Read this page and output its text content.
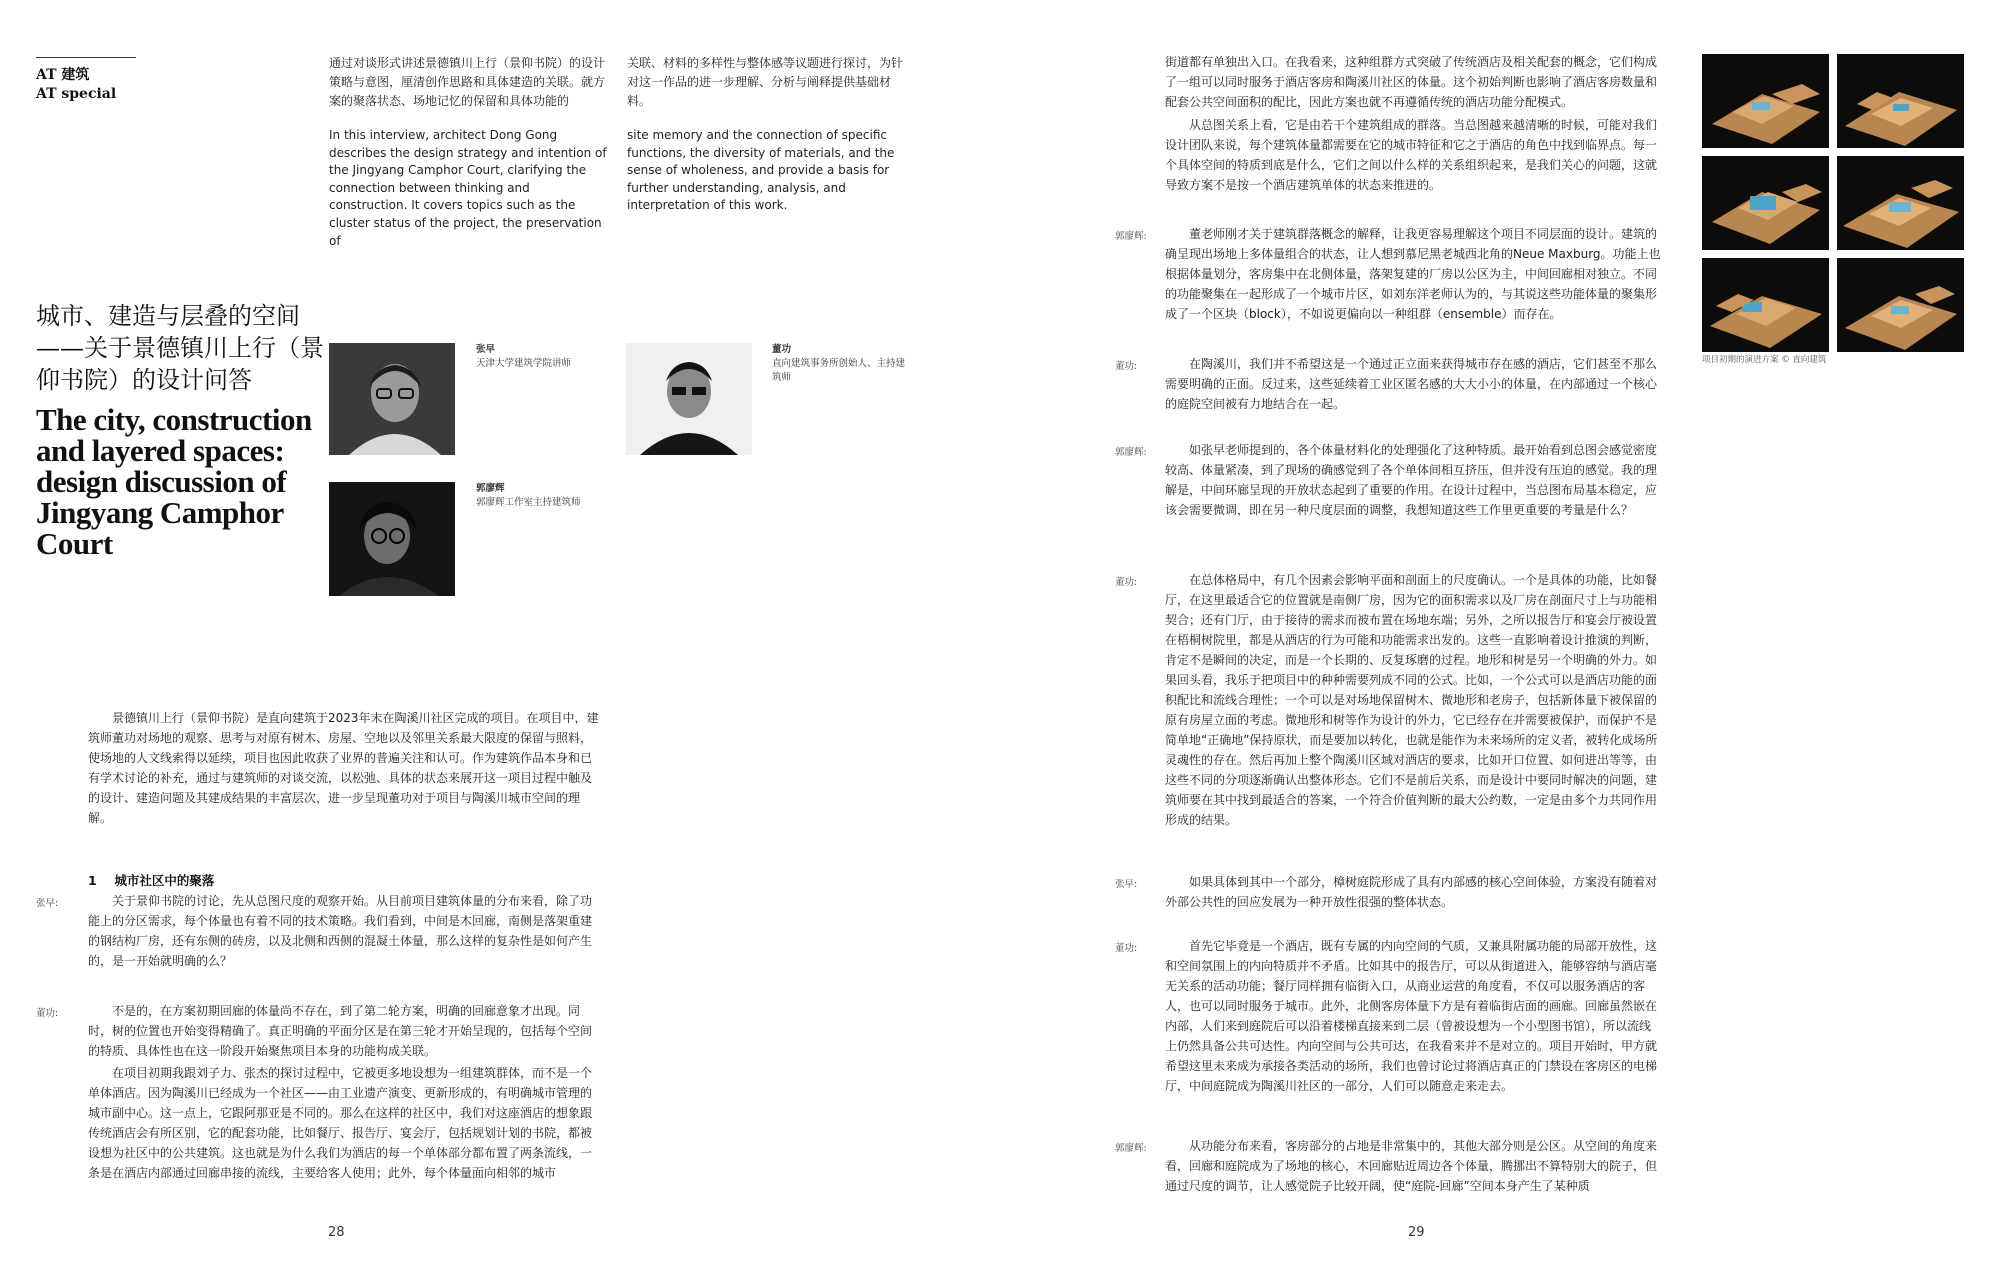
AT 建筑
AT special

通过对谈形式讲述景德镇川上行（景仰书院）的设计策略与意图，厘清创作思路和具体建造的关联。就方案的聚落状态、场地记忆的保留和具体功能的

In this interview, architect Dong Gong describes the design strategy and intention of the Jingyang Camphor Court, clarifying the connection between thinking and construction. It covers topics such as the cluster status of the project, the preservation of

关联、材料的多样性与整体感等议题进行探讨，为针对这一作品的进一步理解、分析与阐释提供基础材料。

site memory and the connection of specific functions, the diversity of materials, and the sense of wholeness, and provide a basis for further understanding, analysis, and interpretation of this work.

城市、建造与层叠的空间——关于景德镇川上行（景仰书院）的设计问答
The city, construction and layered spaces: design discussion of Jingyang Camphor Court
张早
天津大学建筑学院讲师
董功
直向建筑事务所创始人、主持建筑师
郭廖辉
郭廖辉工作室主持建筑师

景德镇川上行（景仰书院）是直向建筑于2023年末在陶溪川社区完成的项目。在项目中，建筑师董功对场地的观察、思考与对原有树木、房屋、空地以及邻里关系最大限度的保留与照料，使场地的人文线索得以延续，项目也因此收获了业界的普遍关注和认可。作为建筑作品本身和已有学术讨论的补充，通过与建筑师的对谈交流，以松弛、具体的状态来展开这一项目过程中触及的设计、建造问题及其建成结果的丰富层次，进一步呈现董功对于项目与陶溪川城市空间的理解。

1 城市社区中的聚落
张早:	关于景仰书院的讨论，先从总图尺度的观察开始。从目前项目建筑体量的分布来看，除了功能上的分区需求，每个体量也有着不同的技术策略。我们看到，中间是木回廊，南侧是落架重建的钢结构厂房，还有东侧的砖房，以及北侧和西侧的混凝土体量，那么这样的复杂性是如何产生的，是一开始就明确的么？

董功:	不是的，在方案初期回廊的体量尚不存在，到了第二轮方案，明确的回廊意象才出现。同时，树的位置也开始变得精确了。真正明确的平面分区是在第三轮才开始呈现的，包括每个空间的特质、具体性也在这一阶段开始聚焦项目本身的功能构成关联。

在项目初期我跟刘子力、张杰的探讨过程中，它被更多地设想为一组建筑群体，而不是一个单体酒店。因为陶溪川已经成为一个社区——由工业遗产演变、更新形成的，有明确城市管理的城市副中心。这一点上，它跟阿那亚是不同的。那么在这样的社区中，我们对这座酒店的想象跟传统酒店会有所区别，它的配套功能，比如餐厅、报告厅、宴会厅，包括规划计划的书院，都被设想为社区中的公共建筑。这也就是为什么我们为酒店的每一个单体部分都布置了两条流线，一条是在酒店内部通过回廊串接的流线，主要给客人使用；此外，每个体量面向相邻的城市

28

街道都有单独出入口。在我看来，这种组群方式突破了传统酒店及相关配套的概念，它们构成了一组可以同时服务于酒店客房和陶溪川社区的体量。这个初始判断也影响了酒店客房数量和配套公共空间面积的配比，因此方案也就不再遵循传统的酒店功能分配模式。

从总图关系上看，它是由若干个建筑组成的群落。当总图越来越清晰的时候，可能对我们设计团队来说，每个建筑体量都需要在它的城市特征和它之于酒店的角色中找到临界点。每一个具体空间的特质到底是什么，它们之间以什么样的关系组织起来，是我们关心的问题，这就导致方案不是按一个酒店建筑单体的状态来推进的。

郭廖辉:	董老师刚才关于建筑群落概念的解释，让我更容易理解这个项目不同层面的设计。建筑的确呈现出场地上多体量组合的状态，让人想到慕尼黑老城西北角的Neue Maxburg。功能上也根据体量划分，客房集中在北侧体量，落架复建的厂房以公区为主，中间回廊相对独立。不同的功能聚集在一起形成了一个城市片区，如刘东洋老师认为的，与其说这些功能体量的聚集形成了一个区块（block），不如说更偏向以一种组群（ensemble）而存在。

董功:	在陶溪川，我们并不希望这是一个通过正立面来获得城市存在感的酒店，它们甚至不那么需要明确的正面。反过来，这些延续着工业区匿名感的大大小小的体量，在内部通过一个核心的庭院空间被有力地结合在一起。

郭廖辉:	如张早老师提到的，各个体量材料化的处理强化了这种特质。最开始看到总图会感觉密度较高、体量紧凑，到了现场的确感觉到了各个单体间相互挤压，但并没有压迫的感觉。我的理解是，中间环廊呈现的开放状态起到了重要的作用。在设计过程中，当总图布局基本稳定，应该会需要微调，即在另一种尺度层面的调整，我想知道这些工作里更重要的考量是什么？

董功:	在总体格局中，有几个因素会影响平面和剖面上的尺度确认。一个是具体的功能，比如餐厅，在这里最适合它的位置就是南侧厂房，因为它的面积需求以及厂房在剖面尺寸上与功能相契合；还有门厅，由于接待的需求而被布置在场地东端；另外，之所以报告厅和宴会厅被设置在梧桐树院里，都是从酒店的行为可能和功能需求出发的。这些一直影响着设计推演的判断，肯定不是瞬间的决定，而是一个长期的、反复琢磨的过程。地形和树是另一个明确的外力。如果回头看，我乐于把项目中的种种需要列成不同的公式。比如，一个公式可以是酒店功能的面积配比和流线合理性；一个可以是对场地保留树木、微地形和老房子，包括新体量下被保留的原有房屋立面的考虑。微地形和树等作为设计的外力，它已经存在并需要被保护，而保护不是简单地“正确地”保持原状，而是要加以转化，也就是能作为未来场所的定义者，被转化成场所灵魂性的存在。然后再加上整个陶溪川区域对酒店的要求，比如开口位置、如何进出等等，由这些不同的分项逐渐确认出整体形态。它们不是前后关系，而是设计中要同时解决的问题，建筑师要在其中找到最适合的答案，一个符合价值判断的最大公约数，一定是由多个力共同作用形成的结果。

张早:	如果具体到其中一个部分，樟树庭院形成了具有内部感的核心空间体验，方案没有随着对外部公共性的回应发展为一种开放性很强的整体状态。

董功:	首先它毕竟是一个酒店，既有专属的内向空间的气质，又兼具附属功能的局部开放性，这和空间氛围上的内向特质并不矛盾。比如其中的报告厅，可以从街道进入，能够容纳与酒店毫无关系的活动功能；餐厅同样拥有临街入口，从商业运营的角度看，不仅可以服务酒店的客人，也可以同时服务于城市。此外，北侧客房体量下方是有着临街店面的画廊。回廊虽然嵌在内部，人们来到庭院后可以沿着楼梯直接来到二层（曾被设想为一个小型图书馆），所以流线上仍然具备公共可达性。内向空间与公共可达，在我看来并不是对立的。项目开始时，甲方就希望这里未来成为承接各类活动的场所，我们也曾讨论过将酒店真正的门禁设在客房区的电梯厅，中间庭院成为陶溪川社区的一部分，人们可以随意走来走去。

郭廖辉:	从功能分布来看，客房部分的占地是非常集中的，其他大部分则是公区。从空间的角度来看，回廊和庭院成为了场地的核心，木回廊贴近周边各个体量，腾挪出不算特别大的院子，但通过尺度的调节，让人感觉院子比较开阔，使“庭院-回廊”空间本身产生了某种质

29
项目初期的演进方案 © 直向建筑
